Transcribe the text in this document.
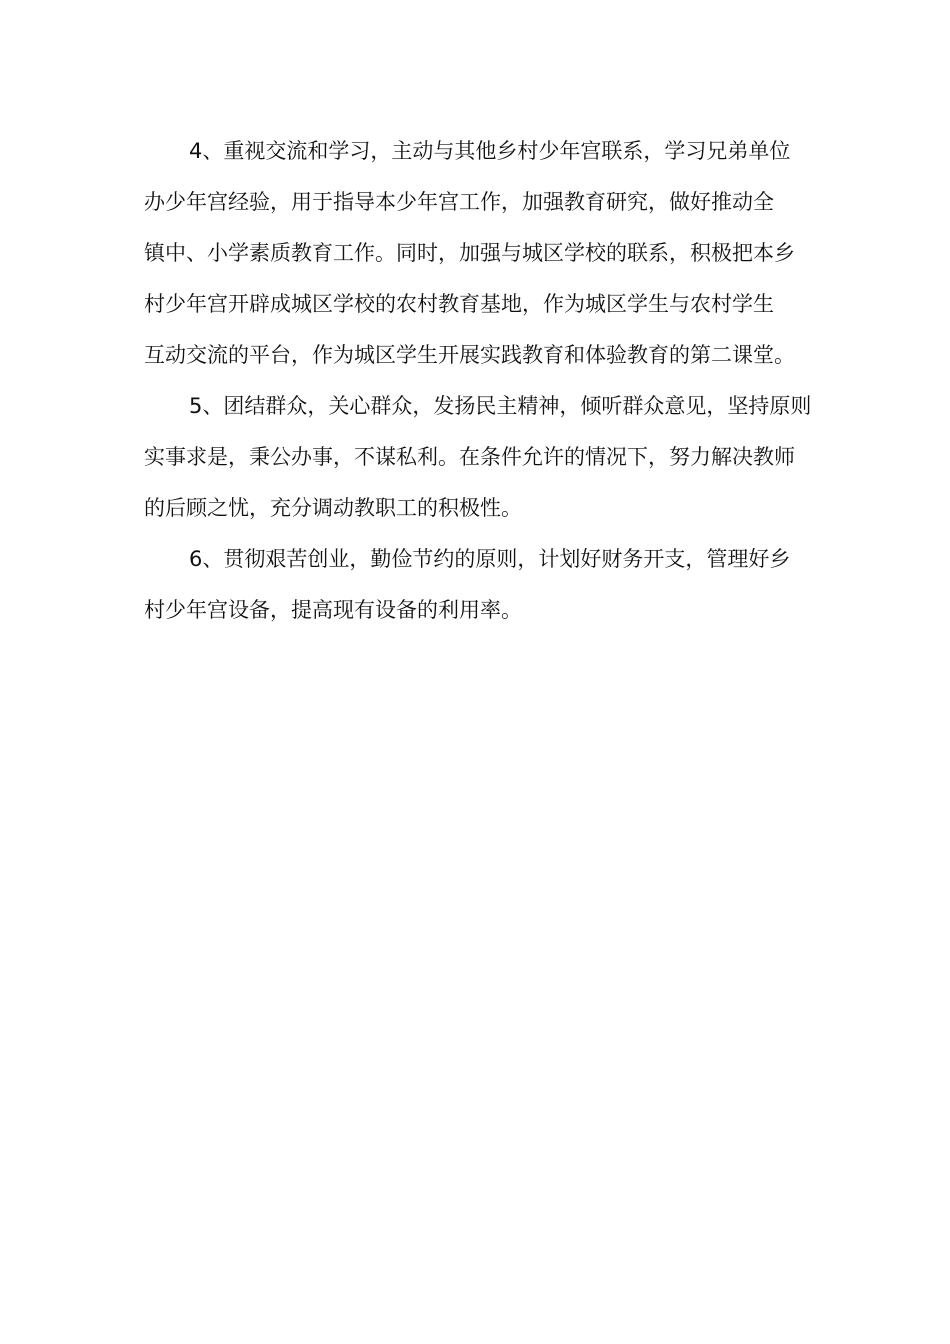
4、重视交流和学习，主动与其他乡村少年宫联系，学习兄弟单位
办少年宫经验，用于指导本少年宫工作，加强教育研究，做好推动全
镇中、小学素质教育工作。同时，加强与城区学校的联系，积极把本乡
村少年宫开辟成城区学校的农村教育基地，作为城区学生与农村学生
互动交流的平台，作为城区学生开展实践教育和体验教育的第二课堂。
5、团结群众，关心群众，发扬民主精神，倾听群众意见，坚持原则
实事求是，秉公办事，不谋私利。在条件允许的情况下，努力解决教师
的后顾之忧，充分调动教职工的积极性。
6、贯彻艰苦创业，勤俭节约的原则，计划好财务开支，管理好乡
村少年宫设备，提高现有设备的利用率。
